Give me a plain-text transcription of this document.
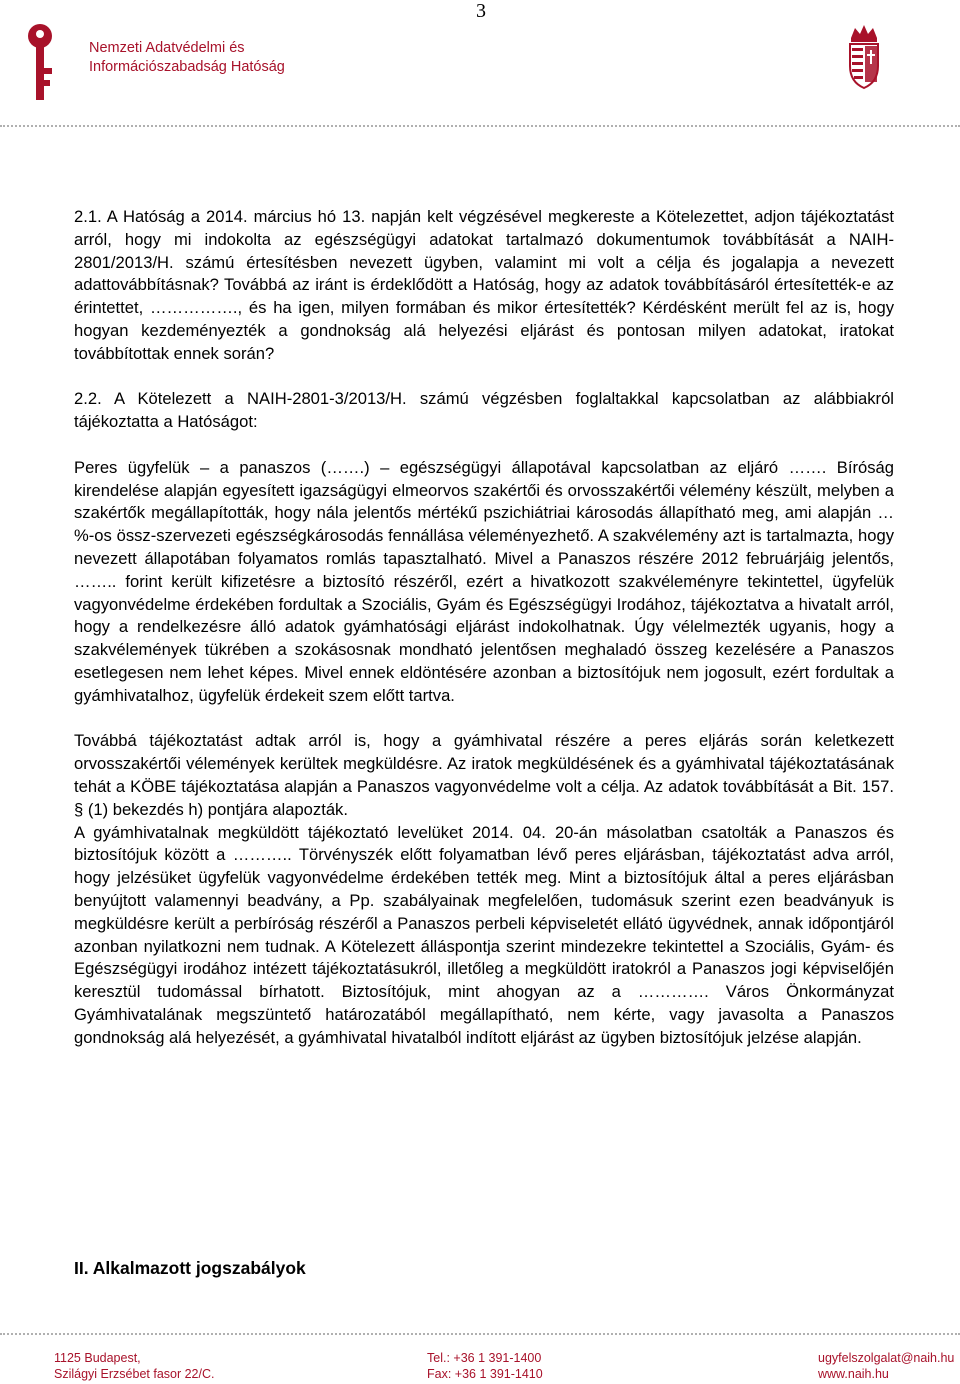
3
Nemzeti Adatvédelmi és
Információszabadság Hatóság

2.1. A Hatóság a 2014. március hó 13. napján kelt végzésével megkereste a Kötelezettet, adjon tájékoztatást arról, hogy mi indokolta az egészségügyi adatokat tartalmazó dokumentumok továbbítását a NAIH-2801/2013/H. számú értesítésben nevezett ügyben, valamint mi volt a célja és jogalapja a nevezett adattovábbításnak? Továbbá az iránt is érdeklődött a Hatóság, hogy az adatok továbbításáról értesítették-e az érintettet, ……………., és ha igen, milyen formában és mikor értesítették? Kérdésként merült fel az is, hogy hogyan kezdeményezték a gondnokság alá helyezési eljárást és pontosan milyen adatokat, iratokat továbbítottak ennek során?

2.2. A Kötelezett a NAIH-2801-3/2013/H. számú végzésben foglaltakkal kapcsolatban az alábbiakról tájékoztatta a Hatóságot:

Peres ügyfelük – a panaszos (…….) – egészségügyi állapotával kapcsolatban az eljáró ……. Bíróság kirendelése alapján egyesített igazságügyi elmeorvos szakértői és orvosszakértői vélemény készült, melyben a szakértők megállapították, hogy nála jelentős mértékű pszichiátriai károsodás állapítható meg, ami alapján …%-os össz-szervezeti egészségkárosodás fennállása véleményezhető. A szakvélemény azt is tartalmazta, hogy nevezett állapotában folyamatos romlás tapasztalható. Mivel a Panaszos részére 2012 februárjáig jelentős, …….. forint került kifizetésre a biztosító részéről, ezért a hivatkozott szakvéleményre tekintettel, ügyfelük vagyonvédelme érdekében fordultak a Szociális, Gyám és Egészségügyi Irodához, tájékoztatva a hivatalt arról, hogy a rendelkezésre álló adatok gyámhatósági eljárást indokolhatnak. Úgy vélelmezték ugyanis, hogy a szakvélemények tükrében a szokásosnak mondható jelentősen meghaladó összeg kezelésére a Panaszos esetlegesen nem lehet képes. Mivel ennek eldöntésére azonban a biztosítójuk nem jogosult, ezért fordultak a gyámhivatalhoz, ügyfelük érdekeit szem előtt tartva.

Továbbá tájékoztatást adtak arról is, hogy a gyámhivatal részére a peres eljárás során keletkezett orvosszakértői vélemények kerültek megküldésre. Az iratok megküldésének és a gyámhivatal tájékoztatásának tehát a KÖBE tájékoztatása alapján a Panaszos vagyonvédelme volt a célja. Az adatok továbbítását a Bit. 157. § (1) bekezdés h) pontjára alapozták.

A gyámhivatalnak megküldött tájékoztató levelüket 2014. 04. 20-án másolatban csatolták a Panaszos és biztosítójuk között a ……….. Törvényszék előtt folyamatban lévő peres eljárásban, tájékoztatást adva arról, hogy jelzésüket ügyfelük vagyonvédelme érdekében tették meg. Mint a biztosítójuk által a peres eljárásban benyújtott valamennyi beadvány, a Pp. szabályainak megfelelően, tudomásuk szerint ezen beadványuk is megküldésre került a perbíróság részéről a Panaszos perbeli képviseletét ellátó ügyvédnek, annak időpontjáról azonban nyilatkozni nem tudnak. A Kötelezett álláspontja szerint mindezekre tekintettel a Szociális, Gyám- és Egészségügyi irodához intézett tájékoztatásukról, illetőleg a megküldött iratokról a Panaszos jogi képviselőjén keresztül tudomással bírhatott. Biztosítójuk, mint ahogyan az a …………. Város Önkormányzat Gyámhivatalának megszüntető határozatából megállapítható, nem kérte, vagy javasolta a Panaszos gondnokság alá helyezését, a gyámhivatal hivatalból indított eljárást az ügyben biztosítójuk jelzése alapján.

II. Alkalmazott jogszabályok
1125 Budapest,
Szilágyi Erzsébet fasor 22/C.
Tel.: +36 1 391-1400
Fax: +36 1 391-1410
ugyfelszolgalat@naih.hu
www.naih.hu
